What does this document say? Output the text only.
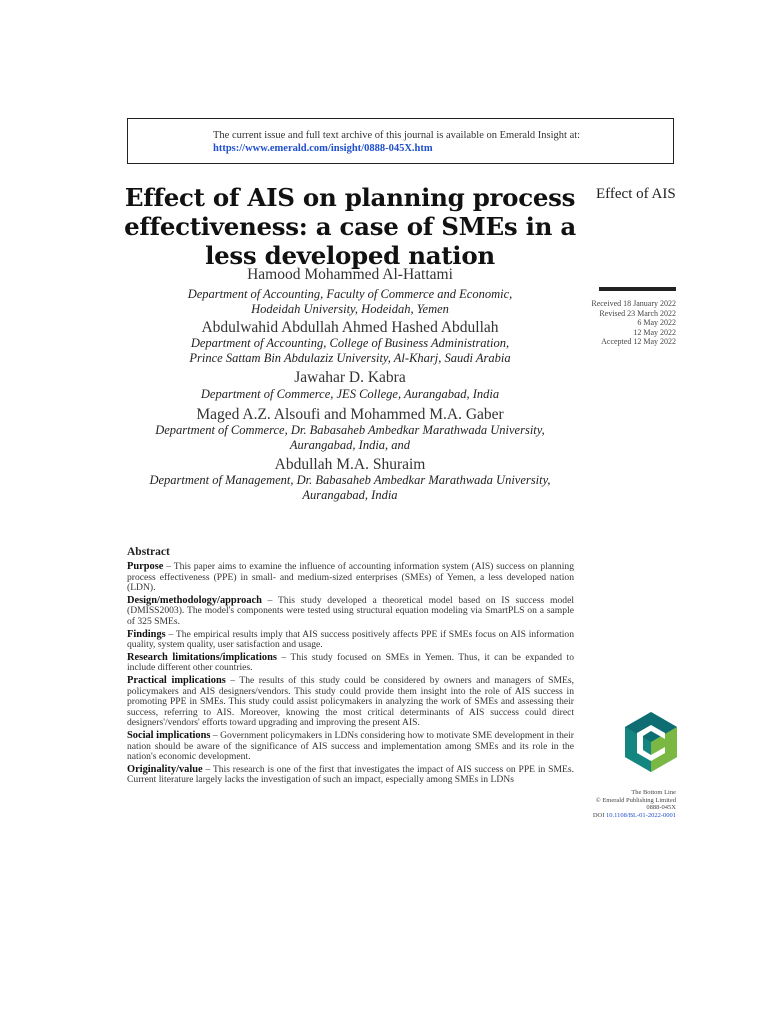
The current issue and full text archive of this journal is available on Emerald Insight at:
https://www.emerald.com/insight/0888-045X.htm
Effect of AIS on planning process
effectiveness: a case of SMEs in a
less developed nation
Effect of AIS
Received 18 January 2022
Revised 23 March 2022
6 May 2022
12 May 2022
Accepted 12 May 2022
Hamood Mohammed Al-Hattami
Department of Accounting, Faculty of Commerce and Economic,
Hodeidah University, Hodeidah, Yemen
Abdulwahid Abdullah Ahmed Hashed Abdullah
Department of Accounting, College of Business Administration,
Prince Sattam Bin Abdulaziz University, Al-Kharj, Saudi Arabia
Jawahar D. Kabra
Department of Commerce, JES College, Aurangabad, India
Maged A.Z. Alsoufi and Mohammed M.A. Gaber
Department of Commerce, Dr. Babasaheb Ambedkar Marathwada University,
Aurangabad, India, and
Abdullah M.A. Shuraim
Department of Management, Dr. Babasaheb Ambedkar Marathwada University,
Aurangabad, India
Abstract

Purpose – This paper aims to examine the influence of accounting information system (AIS) success on planning process effectiveness (PPE) in small- and medium-sized enterprises (SMEs) of Yemen, a less developed nation (LDN).

Design/methodology/approach – This study developed a theoretical model based on IS success model (DMISS2003). The model's components were tested using structural equation modeling via SmartPLS on a sample of 325 SMEs.

Findings – The empirical results imply that AIS success positively affects PPE if SMEs focus on AIS information quality, system quality, user satisfaction and usage.

Research limitations/implications – This study focused on SMEs in Yemen. Thus, it can be expanded to include different other countries.

Practical implications – The results of this study could be considered by owners and managers of SMEs, policymakers and AIS designers/vendors. This study could provide them insight into the role of AIS success in promoting PPE in SMEs. This study could assist policymakers in analyzing the work of SMEs and assessing their success, referring to AIS. Moreover, knowing the most critical determinants of AIS success could direct designers'/vendors' efforts toward upgrading and improving the present AIS.

Social implications – Government policymakers in LDNs considering how to motivate SME development in their nation should be aware of the significance of AIS success and implementation among SMEs and its role in the nation's economic development.

Originality/value – This research is one of the first that investigates the impact of AIS success on PPE in SMEs. Current literature largely lacks the investigation of such an impact, especially among SMEs in LDNs

The Bottom Line
© Emerald Publishing Limited
0888-045X
DOI 10.1108/BL-01-2022-0001
